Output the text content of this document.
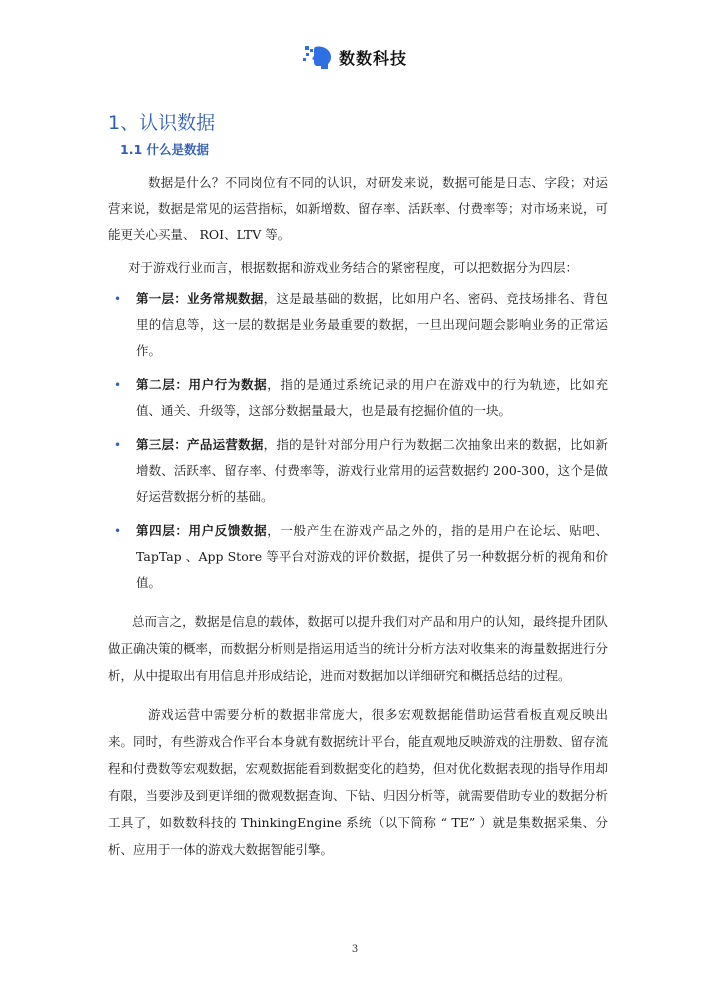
数数科技
1、认识数据
1.1 什么是数据

数据是什么？不同岗位有不同的认识，对研发来说，数据可能是日志、字段；对运营来说，数据是常见的运营指标，如新增数、留存率、活跃率、付费率等；对市场来说，可能更关心买量、 ROI、LTV 等。

对于游戏行业而言，根据数据和游戏业务结合的紧密程度，可以把数据分为四层：

• 第一层：业务常规数据，这是最基础的数据，比如用户名、密码、竞技场排名、背包里的信息等，这一层的数据是业务最重要的数据，一旦出现问题会影响业务的正常运作。
• 第二层：用户行为数据，指的是通过系统记录的用户在游戏中的行为轨迹，比如充值、通关、升级等，这部分数据量最大，也是最有挖掘价值的一块。
• 第三层：产品运营数据，指的是针对部分用户行为数据二次抽象出来的数据，比如新增数、活跃率、留存率、付费率等，游戏行业常用的运营数据约 200-300，这个是做好运营数据分析的基础。
• 第四层：用户反馈数据，一般产生在游戏产品之外的，指的是用户在论坛、贴吧、TapTap 、App Store 等平台对游戏的评价数据，提供了另一种数据分析的视角和价值。

总而言之，数据是信息的载体，数据可以提升我们对产品和用户的认知，最终提升团队做正确决策的概率，而数据分析则是指运用适当的统计分析方法对收集来的海量数据进行分析，从中提取出有用信息并形成结论，进而对数据加以详细研究和概括总结的过程。

游戏运营中需要分析的数据非常庞大，很多宏观数据能借助运营看板直观反映出来。同时，有些游戏合作平台本身就有数据统计平台，能直观地反映游戏的注册数、留存流程和付费数等宏观数据，宏观数据能看到数据变化的趋势，但对优化数据表现的指导作用却有限，当要涉及到更详细的微观数据查询、下钻、归因分析等，就需要借助专业的数据分析工具了，如数数科技的 ThinkingEngine 系统（以下简称 “ TE” ）就是集数据采集、分析、应用于一体的游戏大数据智能引擎。

3
